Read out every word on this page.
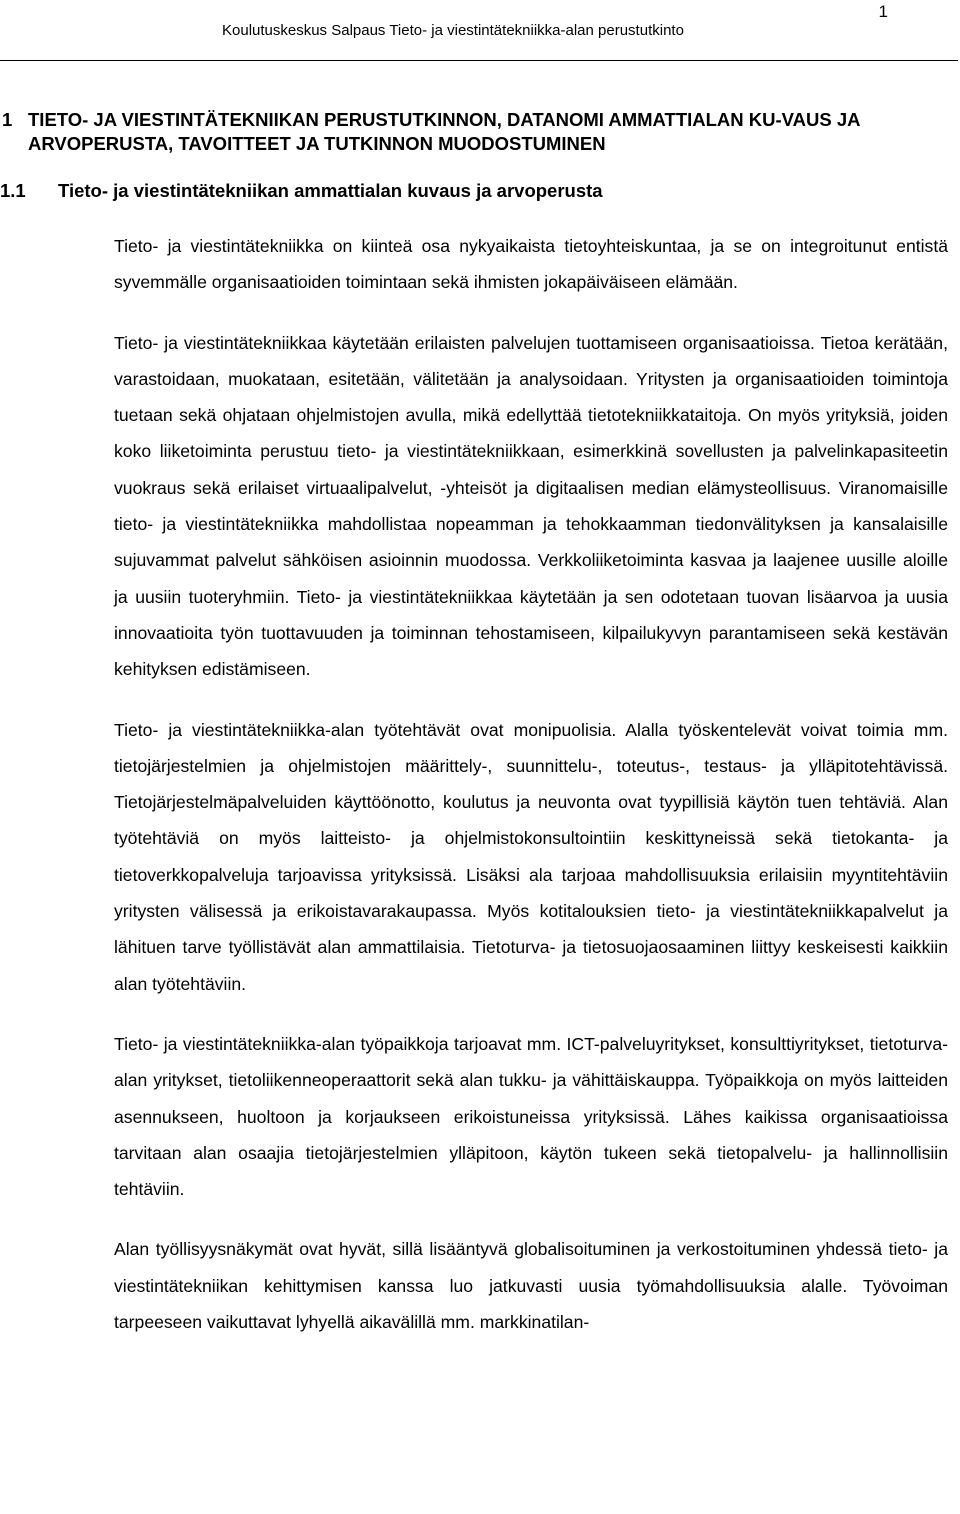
1
Koulutuskeskus Salpaus Tieto- ja viestintätekniikka-alan perustutkinto
1 TIETO- JA VIESTINTÄTEKNIIKAN PERUSTUTKINNON, DATANOMI AMMATTIALAN KU-VAUS JA ARVOPERUSTA, TAVOITTEET JA TUTKINNON MUODOSTUMINEN
1.1	Tieto- ja viestintätekniikan ammattialan kuvaus ja arvoperusta

Tieto- ja viestintätekniikka on kiinteä osa nykyaikaista tietoyhteiskuntaa, ja se on integroitunut entistä syvemmälle organisaatioiden toimintaan sekä ihmisten jokapäiväiseen elämään.

Tieto- ja viestintätekniikkaa käytetään erilaisten palvelujen tuottamiseen organisaatioissa. Tietoa kerätään, varastoidaan, muokataan, esitetään, välitetään ja analysoidaan. Yritysten ja organisaatioiden toimintoja tuetaan sekä ohjataan ohjelmistojen avulla, mikä edellyttää tietotekniikkataitoja. On myös yrityksiä, joiden koko liiketoiminta perustuu tieto- ja viestintätekniikkaan, esimerkkinä sovellusten ja palvelinkapasiteetin vuokraus sekä erilaiset virtuaalipalvelut, -yhteisöt ja digitaalisen median elämysteollisuus. Viranomaisille tieto- ja viestintätekniikka mahdollistaa nopeamman ja tehokkaamman tiedonvälityksen ja kansalaisille sujuvammat palvelut sähköisen asioinnin muodossa. Verkkoliiketoiminta kasvaa ja laajenee uusille aloille ja uusiin tuoteryhmiin. Tieto- ja viestintätekniikkaa käytetään ja sen odotetaan tuovan lisäarvoa ja uusia innovaatioita työn tuottavuuden ja toiminnan tehostamiseen, kilpailukyvyn parantamiseen sekä kestävän kehityksen edistämiseen.

Tieto- ja viestintätekniikka-alan työtehtävät ovat monipuolisia. Alalla työskentelevät voivat toimia mm. tietojärjestelmien ja ohjelmistojen määrittely-, suunnittelu-, toteutus-, testaus- ja ylläpitotehtävissä. Tietojärjestelmäpalveluiden käyttöönotto, koulutus ja neuvonta ovat tyypillisiä käytön tuen tehtäviä. Alan työtehtäviä on myös laitteisto- ja ohjelmistokonsultointiin keskittyneissä sekä tietokanta- ja tietoverkkopalveluja tarjoavissa yrityksissä. Lisäksi ala tarjoaa mahdollisuuksia erilaisiin myyntitehtäviin yritysten välisessä ja erikoistavarakaupassa. Myös kotitalouksien tieto- ja viestintätekniikkapalvelut ja lähituen tarve työllistävät alan ammattilaisia. Tietoturva- ja tietosuojaosaaminen liittyy keskeisesti kaikkiin alan työtehtäviin.

Tieto- ja viestintätekniikka-alan työpaikkoja tarjoavat mm. ICT-palveluyritykset, konsulttiyritykset, tietoturva-alan yritykset, tietoliikenneoperaattorit sekä alan tukku- ja vähittäiskauppa. Työpaikkoja on myös laitteiden asennukseen, huoltoon ja korjaukseen erikoistuneissa yrityksissä. Lähes kaikissa organisaatioissa tarvitaan alan osaajia tietojärjestelmien ylläpitoon, käytön tukeen sekä tietopalvelu- ja hallinnollisiin tehtäviin.

Alan työllisyysnäkymät ovat hyvät, sillä lisääntyvä globalisoituminen ja verkostoituminen yhdessä tieto- ja viestintätekniikan kehittymisen kanssa luo jatkuvasti uusia työmahdollisuuksia alalle. Työvoiman tarpeeseen vaikuttavat lyhyellä aikavälillä mm. markkinatilan-
